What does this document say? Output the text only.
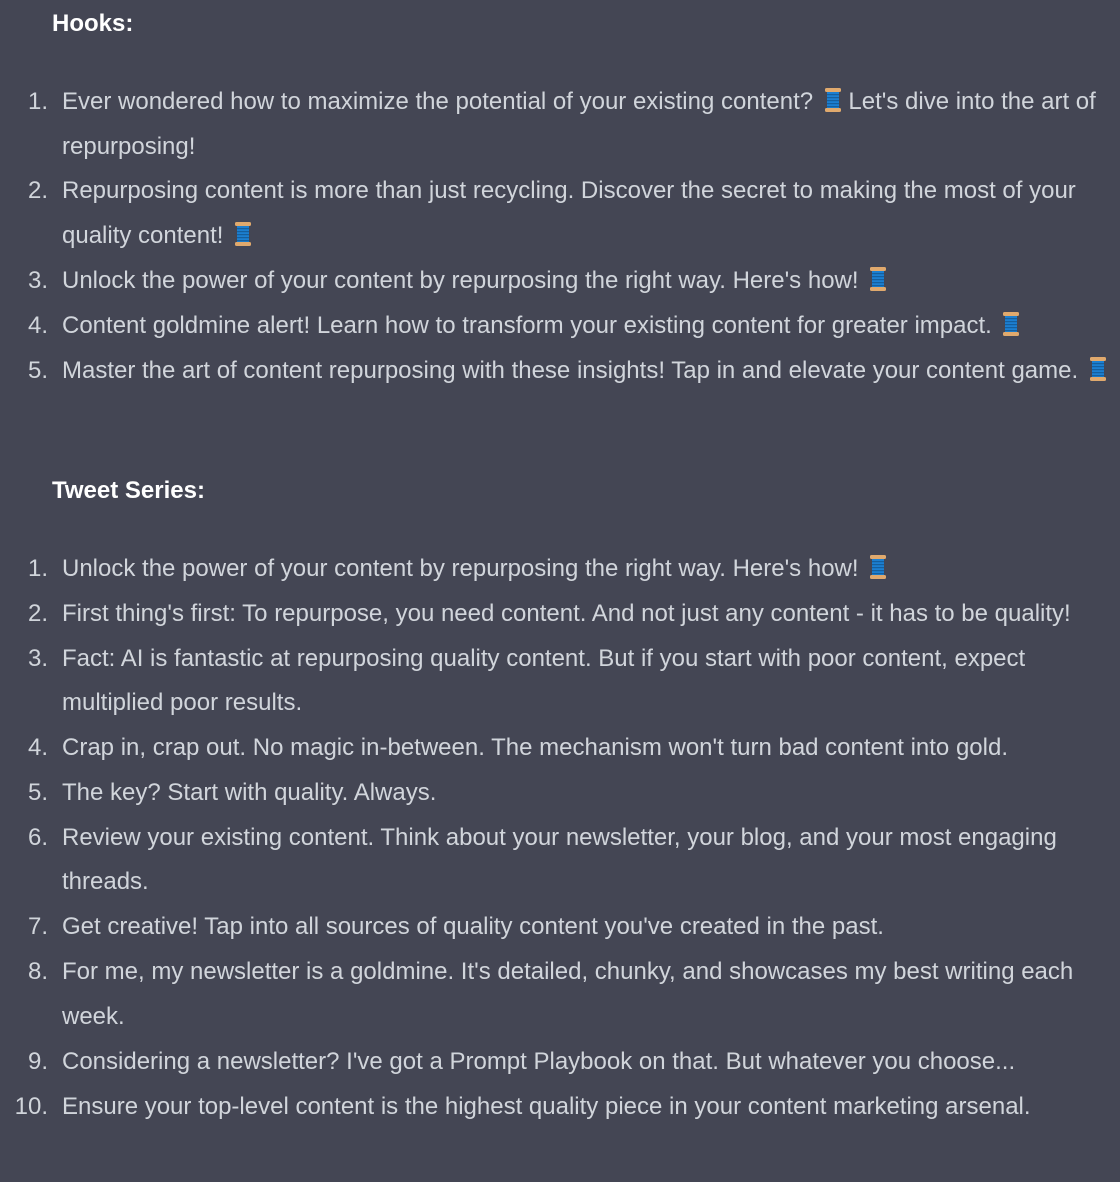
Hooks:

1. Ever wondered how to maximize the potential of your existing content?  Let's dive into the art of repurposing!
2. Repurposing content is more than just recycling. Discover the secret to making the most of your quality content!
3. Unlock the power of your content by repurposing the right way. Here's how!
4. Content goldmine alert! Learn how to transform your existing content for greater impact.
5. Master the art of content repurposing with these insights! Tap in and elevate your content game.

Tweet Series:

1. Unlock the power of your content by repurposing the right way. Here's how!
2. First thing's first: To repurpose, you need content. And not just any content - it has to be quality!
3. Fact: AI is fantastic at repurposing quality content. But if you start with poor content, expect multiplied poor results.
4. Crap in, crap out. No magic in-between. The mechanism won't turn bad content into gold.
5. The key? Start with quality. Always.
6. Review your existing content. Think about your newsletter, your blog, and your most engaging threads.
7. Get creative! Tap into all sources of quality content you've created in the past.
8. For me, my newsletter is a goldmine. It's detailed, chunky, and showcases my best writing each week.
9. Considering a newsletter? I've got a Prompt Playbook on that. But whatever you choose...
10. Ensure your top-level content is the highest quality piece in your content marketing arsenal.
